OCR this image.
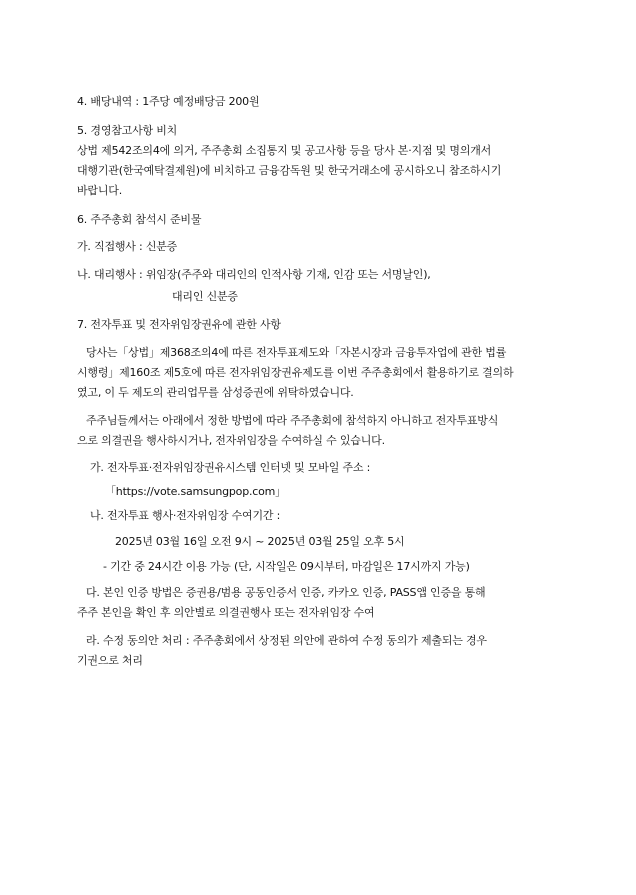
4. 배당내역 : 1주당 예정배당금 200원
5. 경영참고사항 비치
상법 제542조의4에 의거, 주주총회 소집통지 및 공고사항 등을 당사 본·지점 및 명의개서
대행기관(한국예탁결제원)에 비치하고 금융감독원 및 한국거래소에 공시하오니 참조하시기
바랍니다.
6. 주주총회 참석시 준비물
가. 직접행사 : 신분증
나. 대리행사 : 위임장(주주와 대리인의 인적사항 기재, 인감 또는 서명날인),
대리인 신분증
7. 전자투표 및 전자위임장권유에 관한 사항
당사는「상법」제368조의4에 따른 전자투표제도와「자본시장과 금융투자업에 관한 법률
시행령」제160조 제5호에 따른 전자위임장권유제도를 이번 주주총회에서 활용하기로 결의하
였고, 이 두 제도의 관리업무를 삼성증권에 위탁하였습니다.
주주님들께서는 아래에서 정한 방법에 따라 주주총회에 참석하지 아니하고 전자투표방식
으로 의결권을 행사하시거나, 전자위임장을 수여하실 수 있습니다.
가. 전자투표·전자위임장권유시스템 인터넷 및 모바일 주소 :
「https://vote.samsungpop.com」
나. 전자투표 행사·전자위임장 수여기간 :
2025년 03월 16일 오전 9시 ~ 2025년 03월 25일 오후 5시
- 기간 중 24시간 이용 가능 (단, 시작일은 09시부터, 마감일은 17시까지 가능)
다. 본인 인증 방법은 증권용/범용 공동인증서 인증, 카카오 인증, PASS앱 인증을 통해
주주 본인을 확인 후 의안별로 의결권행사 또는 전자위임장 수여
라. 수정 동의안 처리 : 주주총회에서 상정된 의안에 관하여 수정 동의가 제출되는 경우
기권으로 처리
